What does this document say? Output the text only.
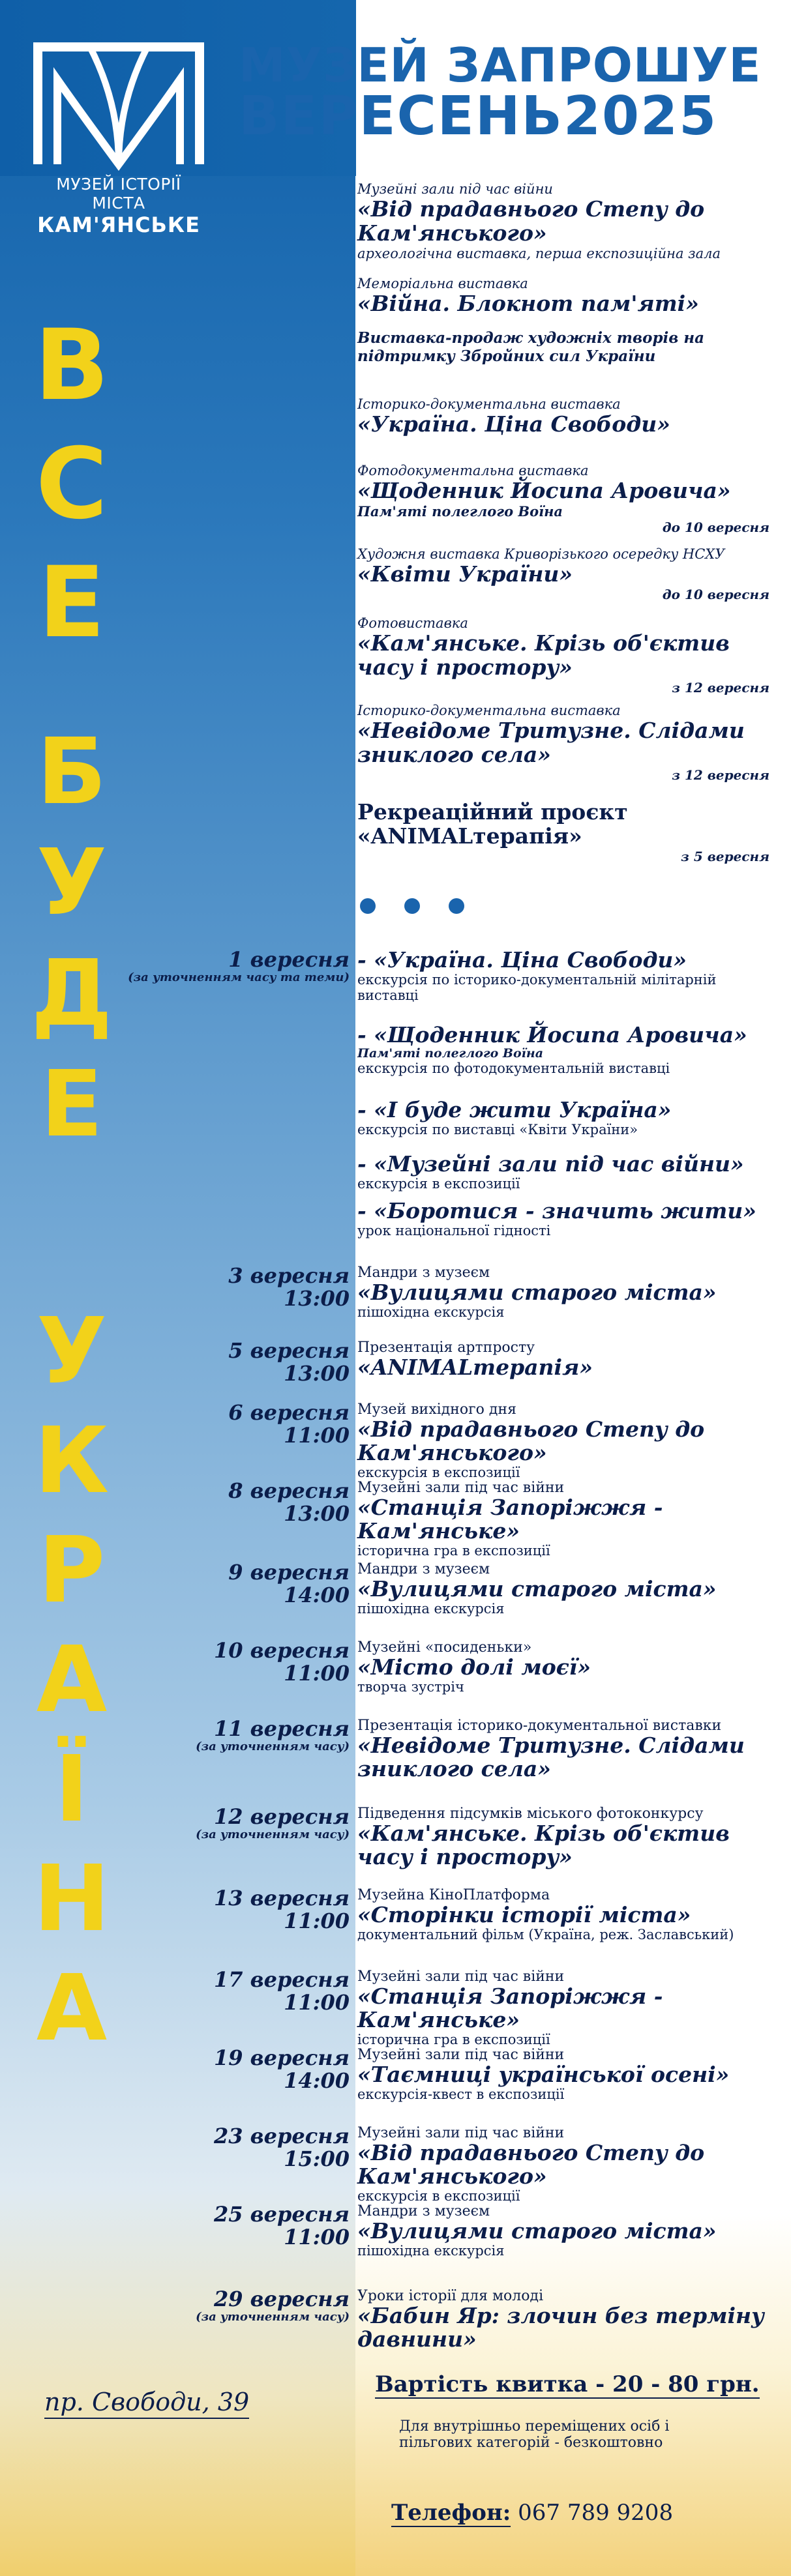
МУЗЕЙ ІСТОРІЇ МІСТА
КАМ'ЯНСЬКЕ
МУЗЕЙ ЗАПРОШУЕ
ВЕРЕСЕНЬ2025
В
С
Е
Б
У
Д
Е
У
К
Р
А
Ї
Н
А
Музейні зали під час війни
«Від прадавнього Степу до Кам'янського»
археологічна виставка, перша експозиційна зала
Меморіальна виставка
«Війна. Блокнот пам'яті»
Виставка-продаж художніх творів на підтримку Збройних сил України
Історико-документальна виставка
«Україна. Ціна Свободи»
Фотодокументальна виставка
«Щоденник Йосипа Аровича»
Пам'яті полеглого Воїна
до 10 вересня
Художня виставка Криворізького осередку НСХУ
«Квіти України»
до 10 вересня
Фотовиставка
«Кам'янське. Крізь об'єктив часу і простору»
з 12 вересня
Історико-документальна виставка
«Невідоме Тритузне. Слідами зниклого села»
з 12 вересня
Рекреаційний проєкт «ANIMALтерапія»
з 5 вересня
1 вересня
(за уточненням часу та теми)
- «Україна. Ціна Свободи»
екскурсія по історико-документальній мілітарній виставці
- «Щоденник Йосипа Аровича»
Пам'яті полеглого Воїна
екскурсія по фотодокументальній виставці
- «І буде жити Україна»
екскурсія по виставці «Квіти України»
- «Музейні зали під час війни»
екскурсія в експозиції
- «Боротися - значить жити»
урок національної гідності
3 вересня
13:00
Мандри з музеєм
«Вулицями старого міста»
пішохідна екскурсія
5 вересня
13:00
Презентація артпросту
«ANIMALтерапія»
6 вересня
11:00
Музей вихідного дня
«Від прадавнього Степу до Кам'янського»
екскурсія в експозиції
8 вересня
13:00
Музейні зали під час війни
«Станція Запоріжжя - Кам'янське»
історична гра в експозиції
9 вересня
14:00
Мандри з музеєм
«Вулицями старого міста»
пішохідна екскурсія
10 вересня
11:00
Музейні «посиденьки»
«Місто долі моєї»
творча зустріч
11 вересня
(за уточненням часу)
Презентація історико-документальної виставки
«Невідоме Тритузне. Слідами зниклого села»
12 вересня
(за уточненням часу)
Підведення підсумків міського фотоконкурсу
«Кам'янське. Крізь об'єктив часу і простору»
13 вересня
11:00
Музейна КіноПлатформа
«Сторінки історії міста»
документальний фільм (Україна, реж. Заславський)
17 вересня
11:00
Музейні зали під час війни
«Станція Запоріжжя - Кам'янське»
історична гра в експозиції
19 вересня
14:00
Музейні зали під час війни
«Таємниці української осені»
екскурсія-квест в експозиції
23 вересня
15:00
Музейні зали під час війни
«Від прадавнього Степу до Кам'янського»
екскурсія в експозиції
25 вересня
11:00
Мандри з музеєм
«Вулицями старого міста»
пішохідна екскурсія
29 вересня
(за уточненням часу)
Уроки історії для молоді
«Бабин Яр: злочин без терміну давнини»
пр. Свободи, 39
Вартість квитка - 20 - 80 грн.
Для внутрішньо переміщених осіб і пільгових категорій - безкоштовно
Телефон: 067 789 9208
